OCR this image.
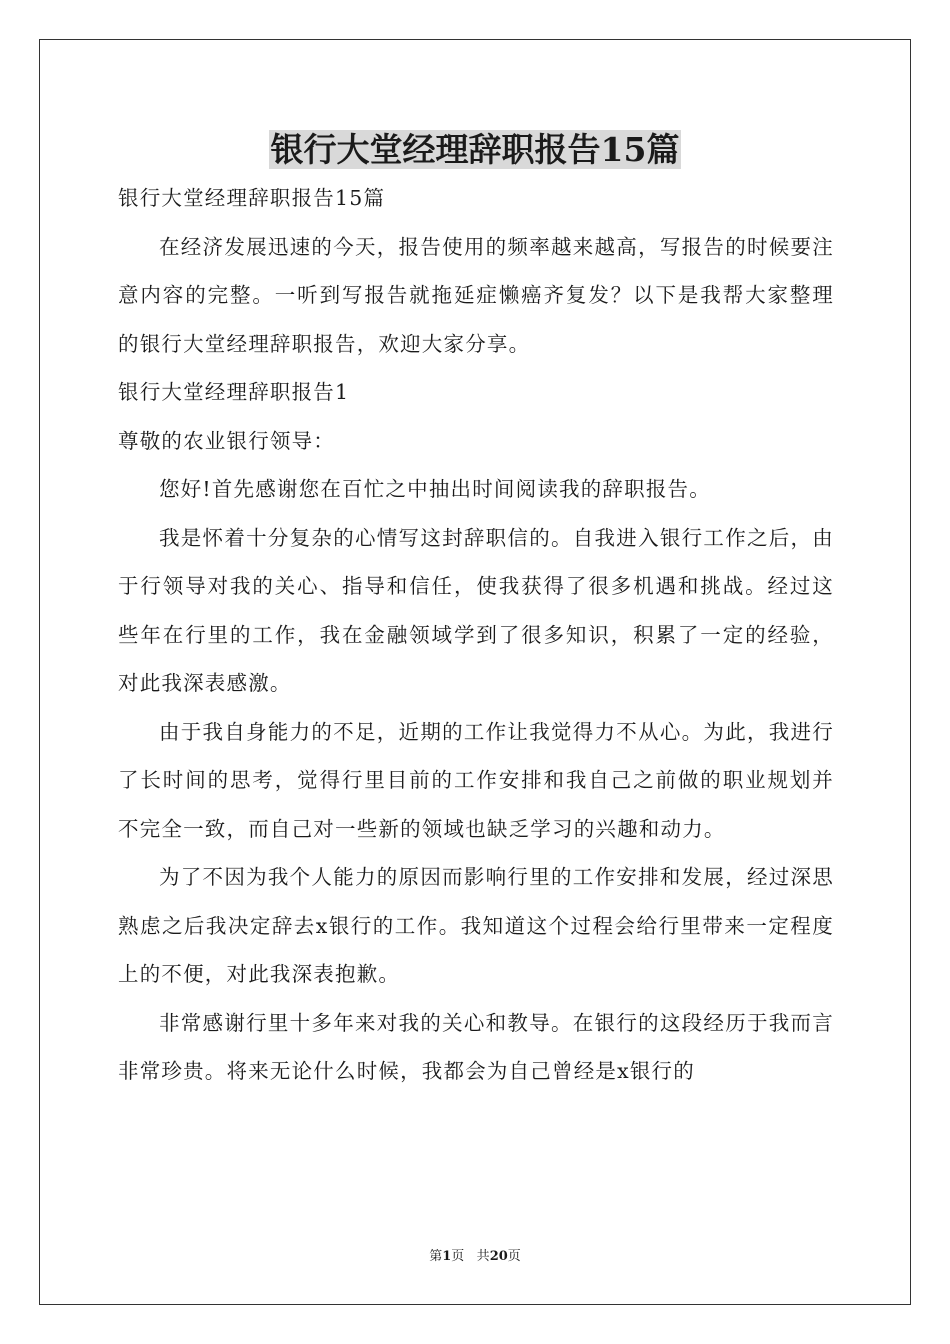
银行大堂经理辞职报告15篇

银行大堂经理辞职报告15篇

在经济发展迅速的今天，报告使用的频率越来越高，写报告的时候要注意内容的完整。一听到写报告就拖延症懒癌齐复发？以下是我帮大家整理的银行大堂经理辞职报告，欢迎大家分享。

银行大堂经理辞职报告1

尊敬的农业银行领导：

您好!首先感谢您在百忙之中抽出时间阅读我的辞职报告。

我是怀着十分复杂的心情写这封辞职信的。自我进入银行工作之后，由于行领导对我的关心、指导和信任，使我获得了很多机遇和挑战。经过这些年在行里的工作，我在金融领域学到了很多知识，积累了一定的经验，对此我深表感激。

由于我自身能力的不足，近期的工作让我觉得力不从心。为此，我进行了长时间的思考，觉得行里目前的工作安排和我自己之前做的职业规划并不完全一致，而自己对一些新的领域也缺乏学习的兴趣和动力。

为了不因为我个人能力的原因而影响行里的工作安排和发展，经过深思熟虑之后我决定辞去x银行的工作。我知道这个过程会给行里带来一定程度上的不便，对此我深表抱歉。

非常感谢行里十多年来对我的关心和教导。在银行的这段经历于我而言非常珍贵。将来无论什么时候，我都会为自己曾经是x银行的

第1页 共20页
